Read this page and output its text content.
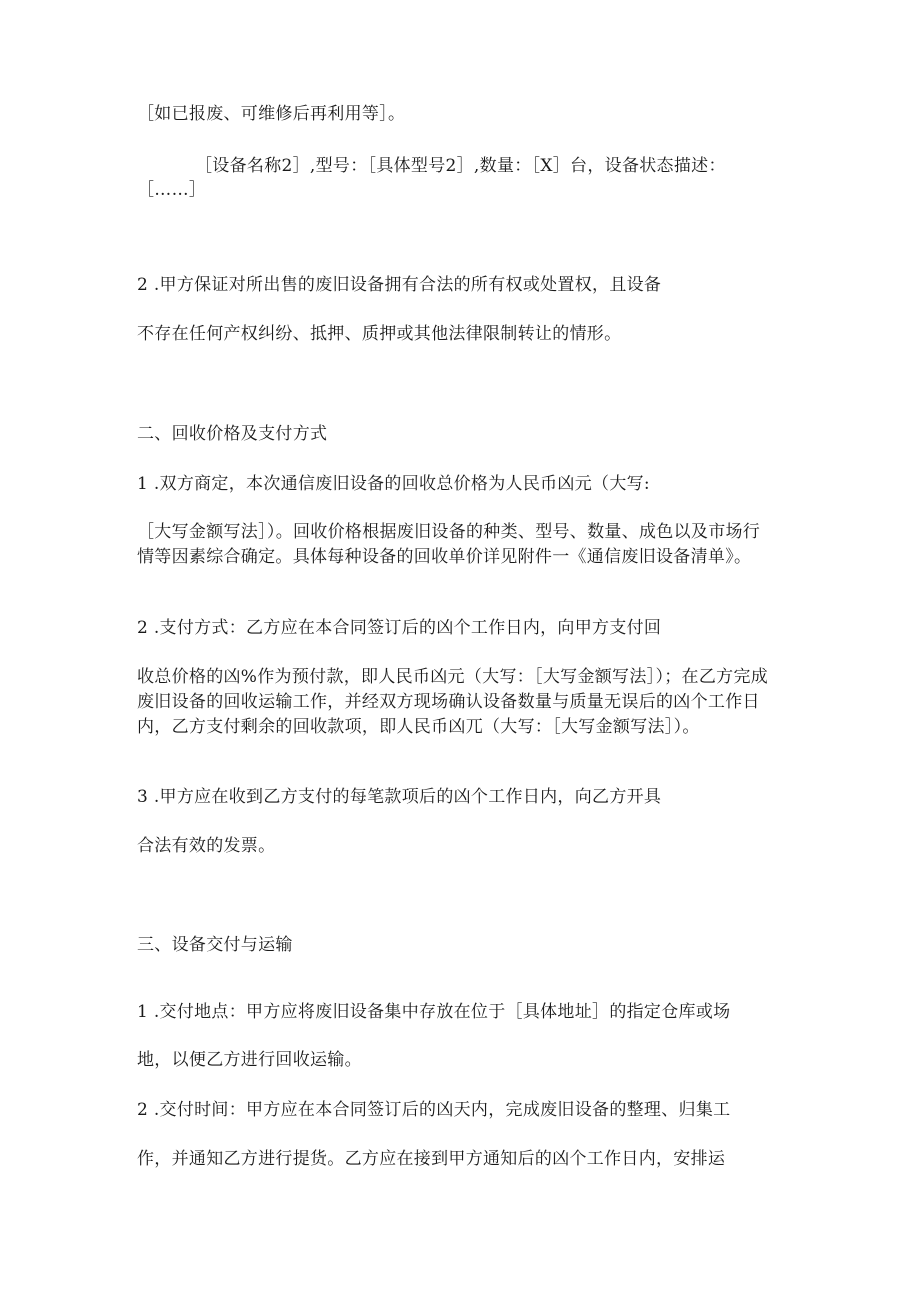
［如已报废、可维修后再利用等］。
［设备名称2］,型号：［具体型号2］,数量：［X］台，设备状态描述：
［……］
2 .甲方保证对所出售的废旧设备拥有合法的所有权或处置权，且设备
不存在任何产权纠纷、抵押、质押或其他法律限制转让的情形。
二、回收价格及支付方式
1 .双方商定，本次通信废旧设备的回收总价格为人民币凶元（大写:
［大写金额写法］）。回收价格根据废旧设备的种类、型号、数量、成色以及市场行情等因素综合确定。具体每种设备的回收单价详见附件一《通信废旧设备清单》。
2 .支付方式：乙方应在本合同签订后的凶个工作日内，向甲方支付回
收总价格的凶%作为预付款，即人民币凶元（大写：［大写金额写法］）；在乙方完成废旧设备的回收运输工作，并经双方现场确认设备数量与质量无误后的凶个工作日内，乙方支付剩余的回收款项，即人民币凶兀（大写：［大写金额写法］）。
3 .甲方应在收到乙方支付的每笔款项后的凶个工作日内，向乙方开具
合法有效的发票。
三、设备交付与运输
1 .交付地点：甲方应将废旧设备集中存放在位于［具体地址］的指定仓库或场
地，以便乙方进行回收运输。
2 .交付时间：甲方应在本合同签订后的凶天内，完成废旧设备的整理、归集工
作，并通知乙方进行提货。乙方应在接到甲方通知后的凶个工作日内，安排运
